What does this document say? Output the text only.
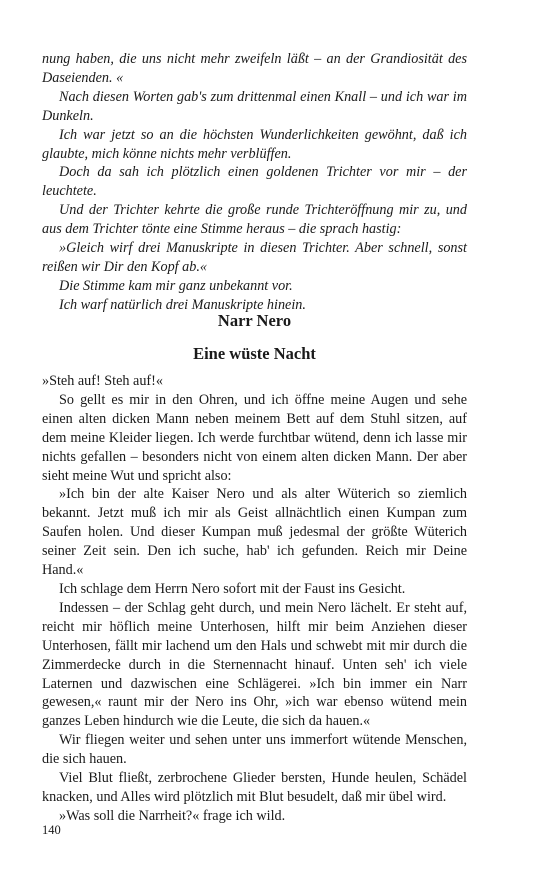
nung haben, die uns nicht mehr zweifeln läßt – an der Grandiosität des Daseienden. «

Nach diesen Worten gab's zum drittenmal einen Knall – und ich war im Dunkeln.

Ich war jetzt so an die höchsten Wunderlichkeiten gewöhnt, daß ich glaubte, mich könne nichts mehr verblüffen.

Doch da sah ich plötzlich einen goldenen Trichter vor mir – der leuchtete.

Und der Trichter kehrte die große runde Trichteröffnung mir zu, und aus dem Trichter tönte eine Stimme heraus – die sprach hastig:

»Gleich wirf drei Manuskripte in diesen Trichter. Aber schnell, sonst reißen wir Dir den Kopf ab.«

Die Stimme kam mir ganz unbekannt vor.

Ich warf natürlich drei Manuskripte hinein.

Narr Nero
Eine wüste Nacht

»Steh auf! Steh auf!«

So gellt es mir in den Ohren, und ich öffne meine Augen und sehe einen alten dicken Mann neben meinem Bett auf dem Stuhl sitzen, auf dem meine Kleider liegen. Ich werde furchtbar wütend, denn ich lasse mir nichts gefallen – besonders nicht von einem alten dicken Mann. Der aber sieht meine Wut und spricht also:

»Ich bin der alte Kaiser Nero und als alter Wüterich so ziemlich bekannt. Jetzt muß ich mir als Geist allnächtlich einen Kumpan zum Saufen holen. Und dieser Kumpan muß jedesmal der größte Wüterich seiner Zeit sein. Den ich suche, hab' ich gefunden. Reich mir Deine Hand.«

Ich schlage dem Herrn Nero sofort mit der Faust ins Gesicht.

Indessen – der Schlag geht durch, und mein Nero lächelt. Er steht auf, reicht mir höflich meine Unterhosen, hilft mir beim Anziehen dieser Unterhosen, fällt mir lachend um den Hals und schwebt mit mir durch die Zimmerdecke durch in die Sternennacht hinauf. Unten seh' ich viele Laternen und dazwischen eine Schlägerei. »Ich bin immer ein Narr gewesen,« raunt mir der Nero ins Ohr, »ich war ebenso wütend mein ganzes Leben hindurch wie die Leute, die sich da hauen.«

Wir fliegen weiter und sehen unter uns immerfort wütende Menschen, die sich hauen.

Viel Blut fließt, zerbrochene Glieder bersten, Hunde heulen, Schädel knacken, und Alles wird plötzlich mit Blut besudelt, daß mir übel wird.

»Was soll die Narrheit?« frage ich wild.

140
